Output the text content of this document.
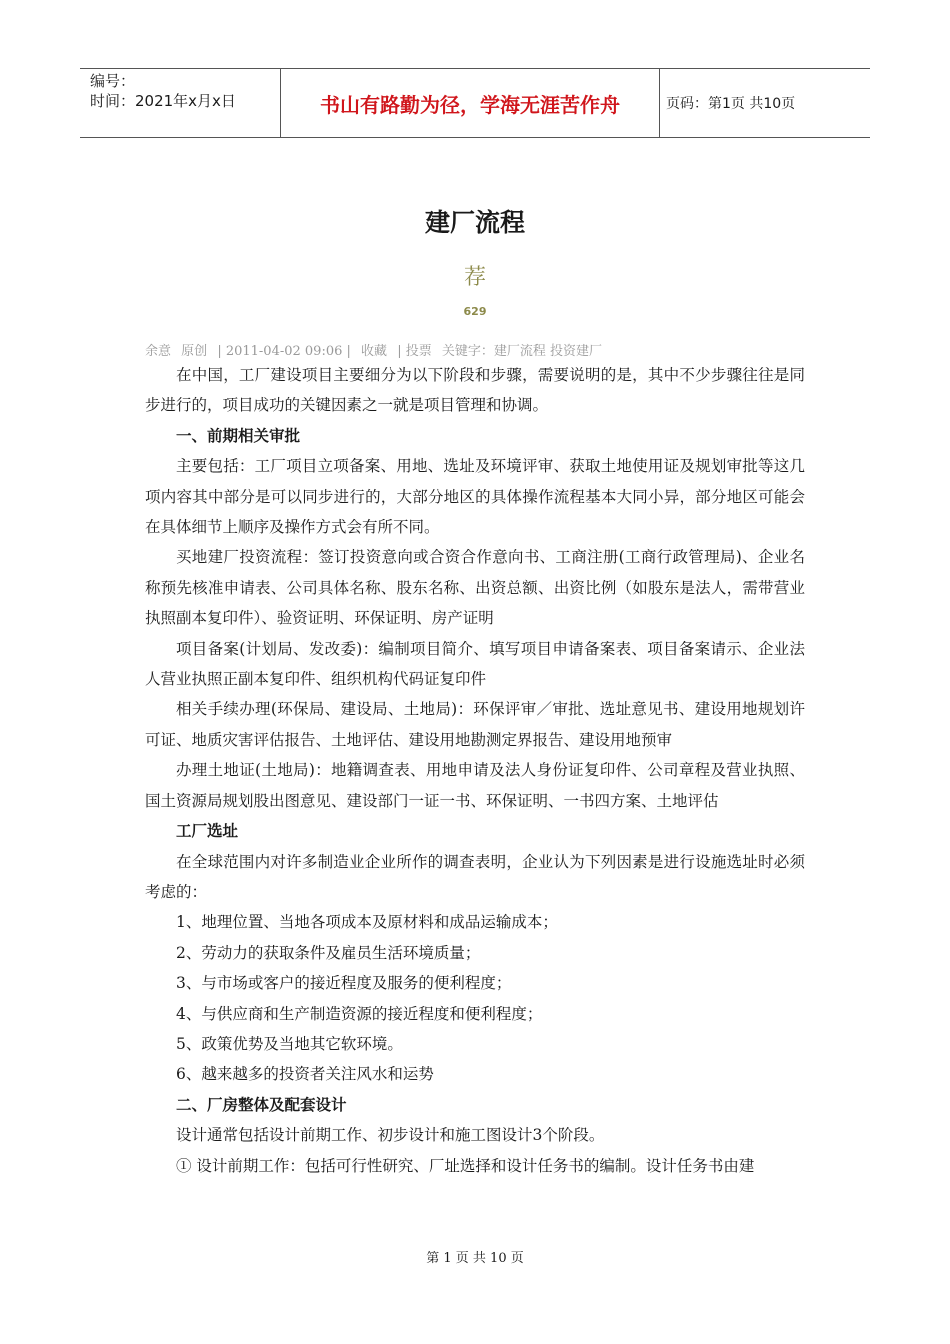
编号：
时间：2021年x月x日	书山有路勤为径，学海无涯苦作舟	页码：第1页 共10页
建厂流程
荐
629
余意 原创 | 2011-04-02 09:06 | 收藏 | 投票 关键字：建厂流程 投资建厂

在中国，工厂建设项目主要细分为以下阶段和步骤，需要说明的是，其中不少步骤往往是同步进行的，项目成功的关键因素之一就是项目管理和协调。

一、前期相关审批

主要包括：工厂项目立项备案、用地、选址及环境评审、获取土地使用证及规划审批等这几项内容其中部分是可以同步进行的，大部分地区的具体操作流程基本大同小异，部分地区可能会在具体细节上顺序及操作方式会有所不同。

买地建厂投资流程：签订投资意向或合资合作意向书、工商注册(工商行政管理局)、企业名称预先核准申请表、公司具体名称、股东名称、出资总额、出资比例（如股东是法人，需带营业执照副本复印件）、验资证明、环保证明、房产证明

项目备案(计划局、发改委)：编制项目简介、填写项目申请备案表、项目备案请示、企业法人营业执照正副本复印件、组织机构代码证复印件

相关手续办理(环保局、建设局、土地局)：环保评审／审批、选址意见书、建设用地规划许可证、地质灾害评估报告、土地评估、建设用地勘测定界报告、建设用地预审

办理土地证(土地局)：地籍调查表、用地申请及法人身份证复印件、公司章程及营业执照、国土资源局规划股出图意见、建设部门一证一书、环保证明、一书四方案、土地评估

工厂选址

在全球范围内对许多制造业企业所作的调查表明，企业认为下列因素是进行设施选址时必须考虑的：

1、地理位置、当地各项成本及原材料和成品运输成本；

2、劳动力的获取条件及雇员生活环境质量；

3、与市场或客户的接近程度及服务的便利程度；

4、与供应商和生产制造资源的接近程度和便利程度；

5、政策优势及当地其它软环境。

6、越来越多的投资者关注风水和运势

二、厂房整体及配套设计

设计通常包括设计前期工作、初步设计和施工图设计3个阶段。

① 设计前期工作：包括可行性研究、厂址选择和设计任务书的编制。设计任务书由建

第 1 页 共 10 页
